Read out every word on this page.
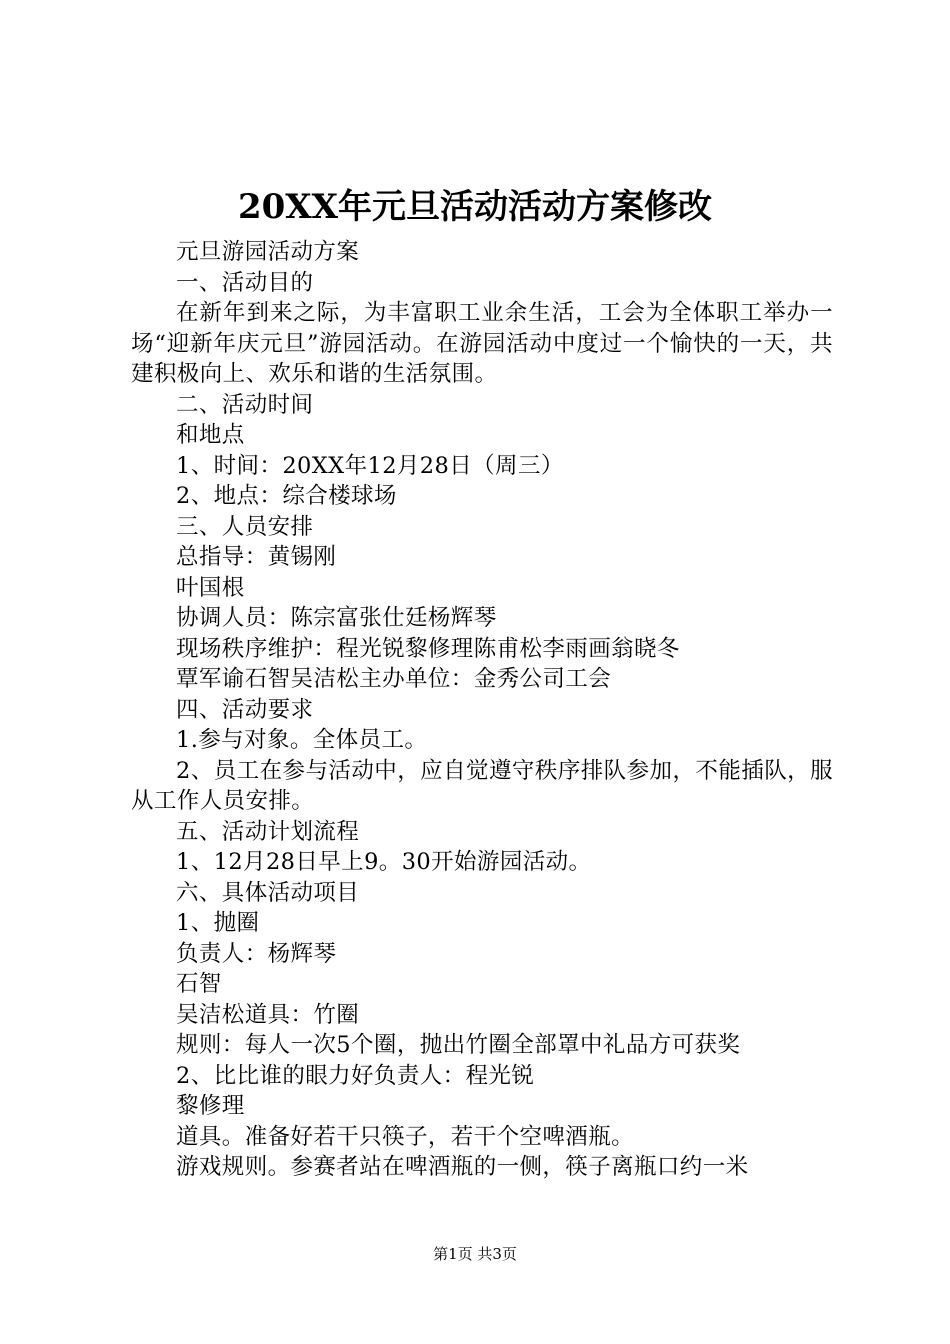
20XX年元旦活动活动方案修改

元旦游园活动方案

一、活动目的

在新年到来之际，为丰富职工业余生活，工会为全体职工举办一场“迎新年庆元旦”游园活动。在游园活动中度过一个愉快的一天，共建积极向上、欢乐和谐的生活氛围。

二、活动时间

和地点

1、时间：20XX年12月28日（周三）

2、地点：综合楼球场

三、人员安排

总指导：黄锡刚

叶国根

协调人员：陈宗富张仕廷杨辉琴

现场秩序维护：程光锐黎修理陈甫松李雨画翁晓冬

覃军谕石智吴洁松主办单位：金秀公司工会

四、活动要求

1.参与对象。全体员工。

2、员工在参与活动中，应自觉遵守秩序排队参加，不能插队，服从工作人员安排。

五、活动计划流程

1、12月28日早上9。30开始游园活动。

六、具体活动项目

1、抛圈

负责人：杨辉琴

石智

吴洁松道具：竹圈

规则：每人一次5个圈，抛出竹圈全部罩中礼品方可获奖

2、比比谁的眼力好负责人：程光锐

黎修理

道具。准备好若干只筷子，若干个空啤酒瓶。

游戏规则。参赛者站在啤酒瓶的一侧，筷子离瓶口约一米

第1页 共3页
